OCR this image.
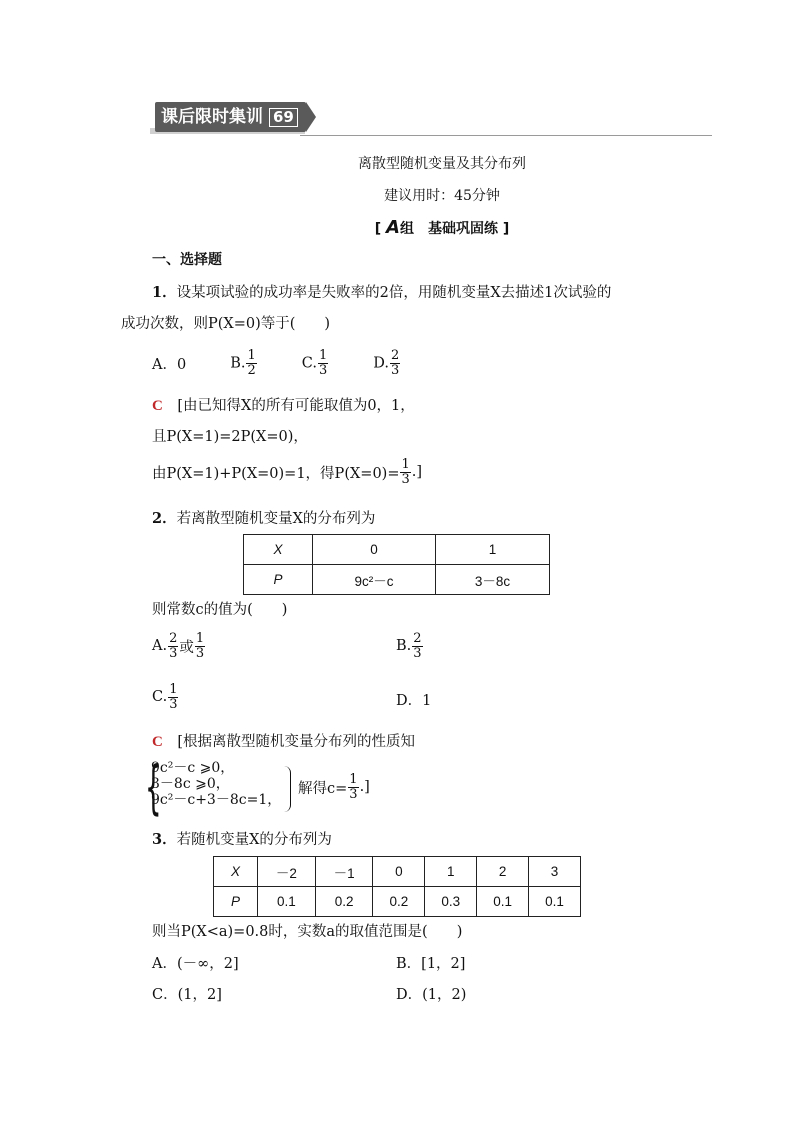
课后限时集训 69
离散型随机变量及其分布列
建议用时：45分钟
[ A组　基础巩固练 ]
一、选择题
1．设某项试验的成功率是失败率的2倍，用随机变量X去描述1次试验的
成功次数，则P(X=0)等于(　　)
A．0	B. $\frac{1}{2}$	C. $\frac{1}{3}$	D. $\frac{2}{3}$
C　 [由已知得X的所有可能取值为0，1，
且P(X=1)=2P(X=0)，
由P(X=1)+P(X=0)=1，得$P(X=0)= \frac{1}{3}$ .]
2．若离散型随机变量X的分布列为
X	0	1
P	9c²－c	3－8c
则常数c的值为(　　)
A. $\frac{2}{3}$ 或 $\frac{1}{3}$	B. $\frac{2}{3}$
C. $\frac{1}{3}$	D．1
C　 [根据离散型随机变量分布列的性质知
{
9c²－c ⩾0，
3－8c ⩾0，
9c²－c+3－8c=1，
解得$c= \frac{1}{3}$ .]
3．若随机变量X的分布列为
X	－2	－1	0	1	2	3
P	0.1	0.2	0.2	0.3	0.1	0.1
则当P(X<a)=0.8时，实数a的取值范围是(　　)
A．(－∞，2]	B．[1，2]
C．(1，2]	D．(1，2)
